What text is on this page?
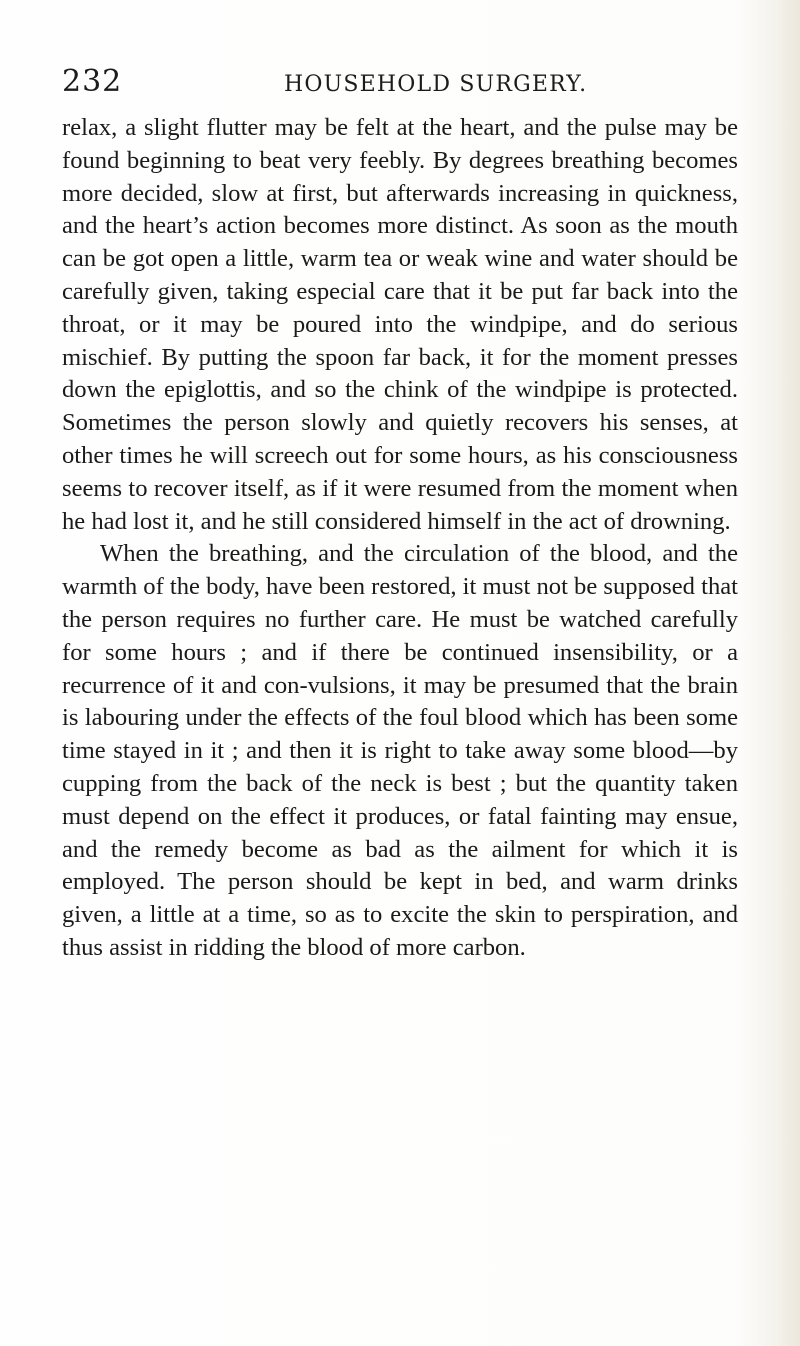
232	HOUSEHOLD SURGERY.

relax, a slight flutter may be felt at the heart, and the pulse may be found beginning to beat very feebly. By degrees breathing becomes more decided, slow at first, but afterwards increasing in quickness, and the heart’s action becomes more distinct. As soon as the mouth can be got open a little, warm tea or weak wine and water should be carefully given, taking especial care that it be put far back into the throat, or it may be poured into the windpipe, and do serious mischief. By putting the spoon far back, it for the moment presses down the epiglottis, and so the chink of the windpipe is protected. Sometimes the person slowly and quietly recovers his senses, at other times he will screech out for some hours, as his consciousness seems to recover itself, as if it were resumed from the moment when he had lost it, and he still considered himself in the act of drowning.

When the breathing, and the circulation of the blood, and the warmth of the body, have been restored, it must not be supposed that the person requires no further care. He must be watched carefully for some hours ; and if there be continued insensibility, or a recurrence of it and con-vulsions, it may be presumed that the brain is labouring under the effects of the foul blood which has been some time stayed in it ; and then it is right to take away some blood—by cupping from the back of the neck is best ; but the quantity taken must depend on the effect it produces, or fatal fainting may ensue, and the remedy become as bad as the ailment for which it is employed. The person should be kept in bed, and warm drinks given, a little at a time, so as to excite the skin to perspiration, and thus assist in ridding the blood of more carbon.
